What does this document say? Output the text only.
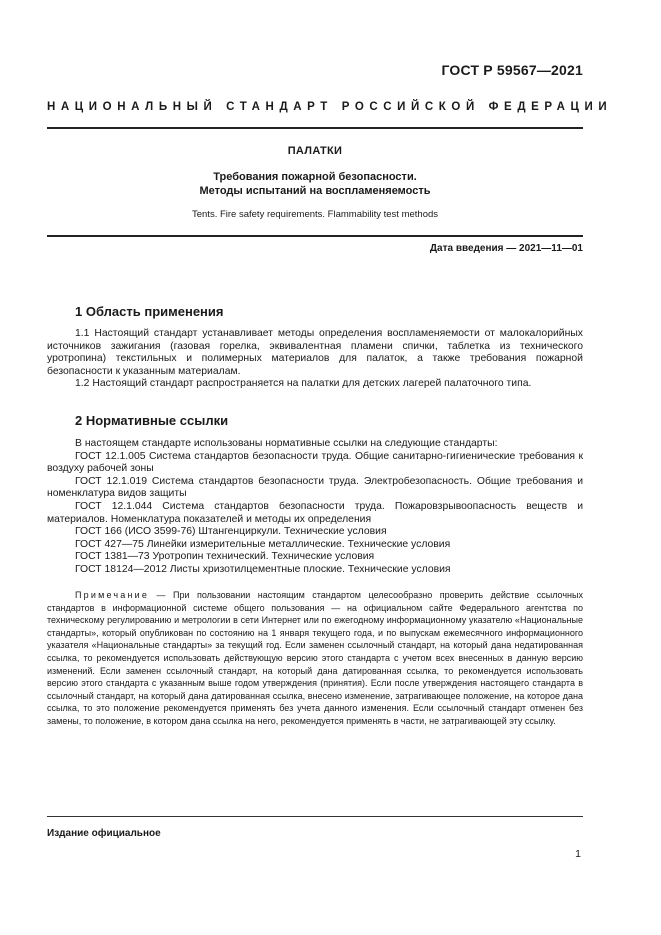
ГОСТ Р 59567—2021
НАЦИОНАЛЬНЫЙ СТАНДАРТ РОССИЙСКОЙ ФЕДЕРАЦИИ
ПАЛАТКИ
Требования пожарной безопасности.
Методы испытаний на воспламеняемость
Tents. Fire safety requirements. Flammability test methods
Дата введения — 2021—11—01
1 Область применения

1.1 Настоящий стандарт устанавливает методы определения воспламеняемости от малокалорийных источников зажигания (газовая горелка, эквивалентная пламени спички, таблетка из технического уротропина) текстильных и полимерных материалов для палаток, а также требования пожарной безопасности к указанным материалам.

1.2 Настоящий стандарт распространяется на палатки для детских лагерей палаточного типа.

2 Нормативные ссылки

В настоящем стандарте использованы нормативные ссылки на следующие стандарты:

ГОСТ 12.1.005 Система стандартов безопасности труда. Общие санитарно-гигиенические требования к воздуху рабочей зоны

ГОСТ 12.1.019 Система стандартов безопасности труда. Электробезопасность. Общие требования и номенклатура видов защиты

ГОСТ 12.1.044 Система стандартов безопасности труда. Пожаровзрывоопасность веществ и материалов. Номенклатура показателей и методы их определения

ГОСТ 166 (ИСО 3599-76) Штангенциркули. Технические условия

ГОСТ 427—75 Линейки измерительные металлические. Технические условия

ГОСТ 1381—73 Уротропин технический. Технические условия

ГОСТ 18124—2012 Листы хризотилцементные плоские. Технические условия

Примечание — При пользовании настоящим стандартом целесообразно проверить действие ссылочных стандартов в информационной системе общего пользования — на официальном сайте Федерального агентства по техническому регулированию и метрологии в сети Интернет или по ежегодному информационному указателю «Национальные стандарты», который опубликован по состоянию на 1 января текущего года, и по выпускам ежемесячного информационного указателя «Национальные стандарты» за текущий год. Если заменен ссылочный стандарт, на который дана недатированная ссылка, то рекомендуется использовать действующую версию этого стандарта с учетом всех внесенных в данную версию изменений. Если заменен ссылочный стандарт, на который дана датированная ссылка, то рекомендуется использовать версию этого стандарта с указанным выше годом утверждения (принятия). Если после утверждения настоящего стандарта в ссылочный стандарт, на который дана датированная ссылка, внесено изменение, затрагивающее положение, на которое дана ссылка, то это положение рекомендуется применять без учета данного изменения. Если ссылочный стандарт отменен без замены, то положение, в котором дана ссылка на него, рекомендуется применять в части, не затрагивающей эту ссылку.

Издание официальное
1
